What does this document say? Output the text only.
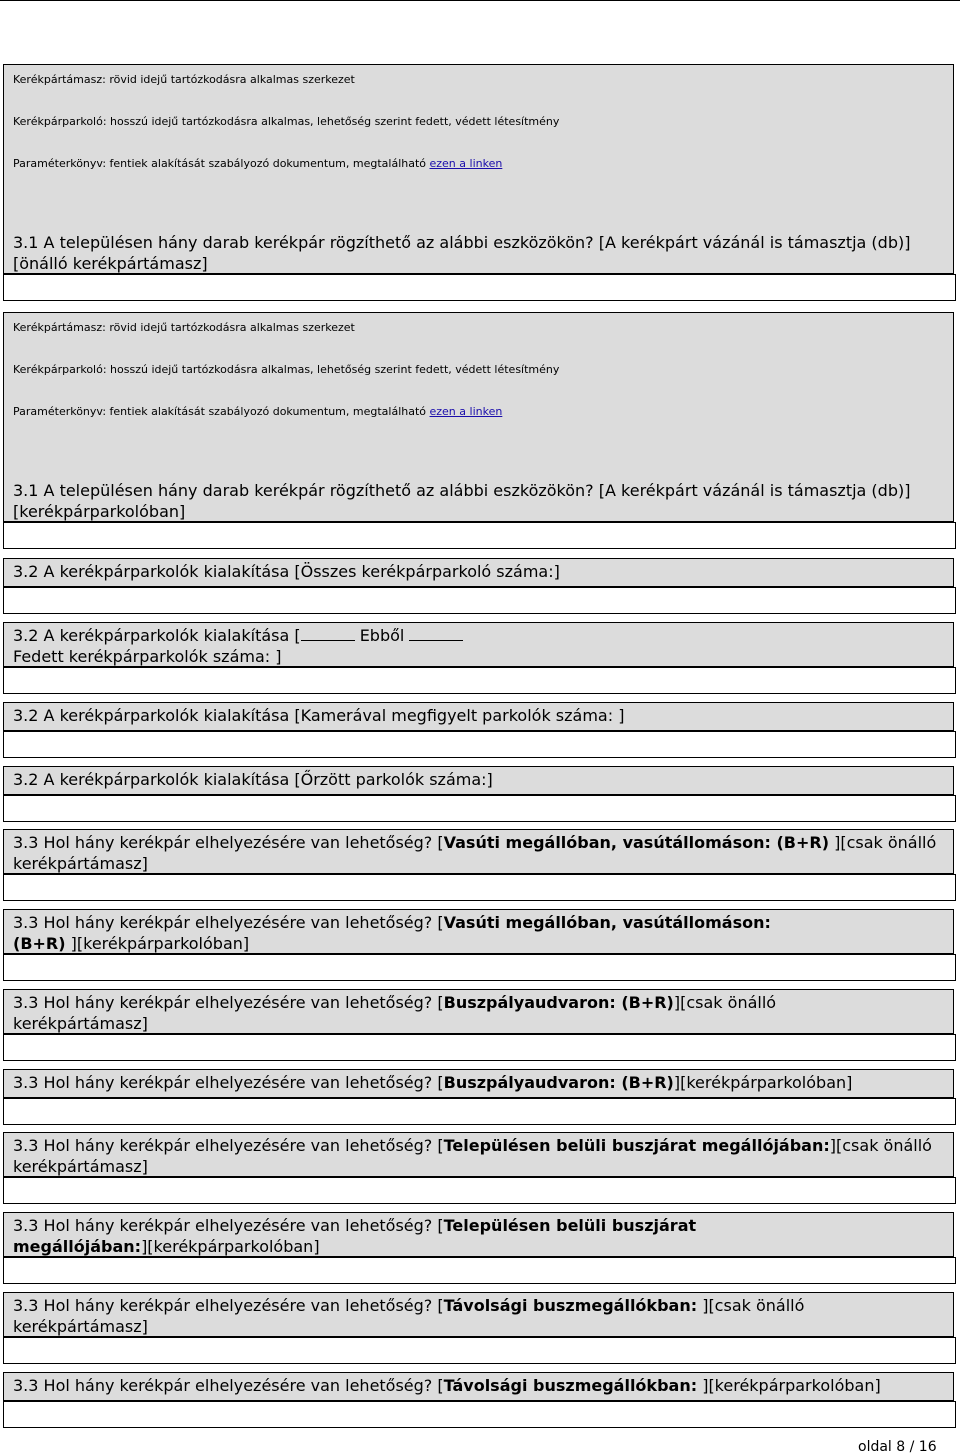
Kerékpártámasz: rövid idejű tartózkodásra alkalmas szerkezet
Kerékpárparkoló: hosszú idejű tartózkodásra alkalmas, lehetőség szerint fedett, védett létesítmény
Paraméterkönyv: fentiek alakítását szabályozó dokumentum, megtalálható ezen a linken
3.1 A településen hány darab kerékpár rögzíthető az alábbi eszközökön? [A kerékpárt vázánál is támasztja (db)][önálló kerékpártámasz]
Kerékpártámasz: rövid idejű tartózkodásra alkalmas szerkezet
Kerékpárparkoló: hosszú idejű tartózkodásra alkalmas, lehetőség szerint fedett, védett létesítmény
Paraméterkönyv: fentiek alakítását szabályozó dokumentum, megtalálható ezen a linken
3.1 A településen hány darab kerékpár rögzíthető az alábbi eszközökön? [A kerékpárt vázánál is támasztja (db)][kerékpárparkolóban]
3.2 A kerékpárparkolók kialakítása [Összes kerékpárparkoló száma:]
3.2 A kerékpárparkolók kialakítása [	Ebből
Fedett kerékpárparkolók száma: ]
3.2 A kerékpárparkolók kialakítása [Kamerával megfigyelt parkolók száma: ]
3.2 A kerékpárparkolók kialakítása [Őrzött parkolók száma:]
3.3 Hol hány kerékpár elhelyezésére van lehetőség? [Vasúti megállóban, vasútállomáson: (B+R) ][csak önálló kerékpártámasz]
3.3 Hol hány kerékpár elhelyezésére van lehetőség? [Vasúti megállóban, vasútállomáson: (B+R) ][kerékpárparkolóban]
3.3 Hol hány kerékpár elhelyezésére van lehetőség? [Buszpályaudvaron: (B+R)][csak önálló kerékpártámasz]
3.3 Hol hány kerékpár elhelyezésére van lehetőség? [Buszpályaudvaron: (B+R)][kerékpárparkolóban]
3.3 Hol hány kerékpár elhelyezésére van lehetőség? [Településen belüli buszjárat megállójában:][csak önálló kerékpártámasz]
3.3 Hol hány kerékpár elhelyezésére van lehetőség? [Településen belüli buszjárat megállójában:][kerékpárparkolóban]
3.3 Hol hány kerékpár elhelyezésére van lehetőség? [Távolsági buszmegállókban: ][csak önálló kerékpártámasz]
3.3 Hol hány kerékpár elhelyezésére van lehetőség? [Távolsági buszmegállókban: ][kerékpárparkolóban]
oldal 8 / 16
